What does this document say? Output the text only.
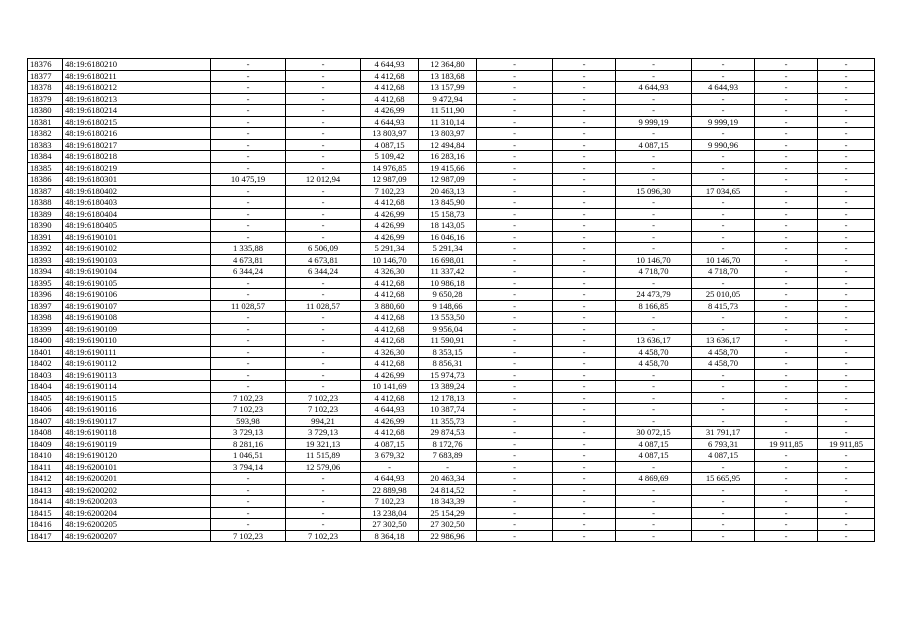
18376	48:19:6180210	-	-	4 644,93	12 364,80	-	-	-	-	-	-
18377	48:19:6180211	-	-	4 412,68	13 183,68	-	-	-	-	-	-
18378	48:19:6180212	-	-	4 412,68	13 157,99	-	-	4 644,93	4 644,93	-	-
18379	48:19:6180213	-	-	4 412,68	9 472,94	-	-	-	-	-	-
18380	48:19:6180214	-	-	4 426,99	11 511,90	-	-	-	-	-	-
18381	48:19:6180215	-	-	4 644,93	11 310,14	-	-	9 999,19	9 999,19	-	-
18382	48:19:6180216	-	-	13 803,97	13 803,97	-	-	-	-	-	-
18383	48:19:6180217	-	-	4 087,15	12 494,84	-	-	4 087,15	9 990,96	-	-
18384	48:19:6180218	-	-	5 109,42	16 283,16	-	-	-	-	-	-
18385	48:19:6180219	-	-	14 976,85	19 415,66	-	-	-	-	-	-
18386	48:19:6180301	10 475,19	12 012,94	12 987,09	12 987,09	-	-	-	-	-	-
18387	48:19:6180402	-	-	7 102,23	20 463,13	-	-	15 096,30	17 034,65	-	-
18388	48:19:6180403	-	-	4 412,68	13 845,90	-	-	-	-	-	-
18389	48:19:6180404	-	-	4 426,99	15 158,73	-	-	-	-	-	-
18390	48:19:6180405	-	-	4 426,99	18 143,05	-	-	-	-	-	-
18391	48:19:6190101	-	-	4 426,99	16 046,16	-	-	-	-	-	-
18392	48:19:6190102	1 335,88	6 506,09	5 291,34	5 291,34	-	-	-	-	-	-
18393	48:19:6190103	4 673,81	4 673,81	10 146,70	16 698,01	-	-	10 146,70	10 146,70	-	-
18394	48:19:6190104	6 344,24	6 344,24	4 326,30	11 337,42	-	-	4 718,70	4 718,70	-	-
18395	48:19:6190105	-	-	4 412,68	10 986,18	-	-	-	-	-	-
18396	48:19:6190106	-	-	4 412,68	9 650,28	-	-	24 473,79	25 010,05	-	-
18397	48:19:6190107	11 028,57	11 028,57	3 880,60	9 148,66	-	-	8 166,85	8 415,73	-	-
18398	48:19:6190108	-	-	4 412,68	13 553,50	-	-	-	-	-	-
18399	48:19:6190109	-	-	4 412,68	9 956,04	-	-	-	-	-	-
18400	48:19:6190110	-	-	4 412,68	11 590,91	-	-	13 636,17	13 636,17	-	-
18401	48:19:6190111	-	-	4 326,30	8 353,15	-	-	4 458,70	4 458,70	-	-
18402	48:19:6190112	-	-	4 412,68	8 856,31	-	-	4 458,70	4 458,70	-	-
18403	48:19:6190113	-	-	4 426,99	15 974,73	-	-	-	-	-	-
18404	48:19:6190114	-	-	10 141,69	13 389,24	-	-	-	-	-	-
18405	48:19:6190115	7 102,23	7 102,23	4 412,68	12 178,13	-	-	-	-	-	-
18406	48:19:6190116	7 102,23	7 102,23	4 644,93	10 387,74	-	-	-	-	-	-
18407	48:19:6190117	593,98	994,21	4 426,99	11 355,73	-	-	-	-	-	-
18408	48:19:6190118	3 729,13	3 729,13	4 412,68	29 874,53	-	-	30 072,15	31 791,17	-	-
18409	48:19:6190119	8 281,16	19 321,13	4 087,15	8 172,76	-	-	4 087,15	6 793,31	19 911,85	19 911,85
18410	48:19:6190120	1 046,51	11 515,89	3 679,32	7 683,89	-	-	4 087,15	4 087,15	-	-
18411	48:19:6200101	3 794,14	12 579,06	-	-	-	-	-	-	-	-
18412	48:19:6200201	-	-	4 644,93	20 463,34	-	-	4 869,69	15 665,95	-	-
18413	48:19:6200202	-	-	22 889,98	24 814,52	-	-	-	-	-	-
18414	48:19:6200203	-	-	7 102,23	18 343,39	-	-	-	-	-	-
18415	48:19:6200204	-	-	13 238,04	25 154,29	-	-	-	-	-	-
18416	48:19:6200205	-	-	27 302,50	27 302,50	-	-	-	-	-	-
18417	48:19:6200207	7 102,23	7 102,23	8 364,18	22 986,96	-	-	-	-	-	-
